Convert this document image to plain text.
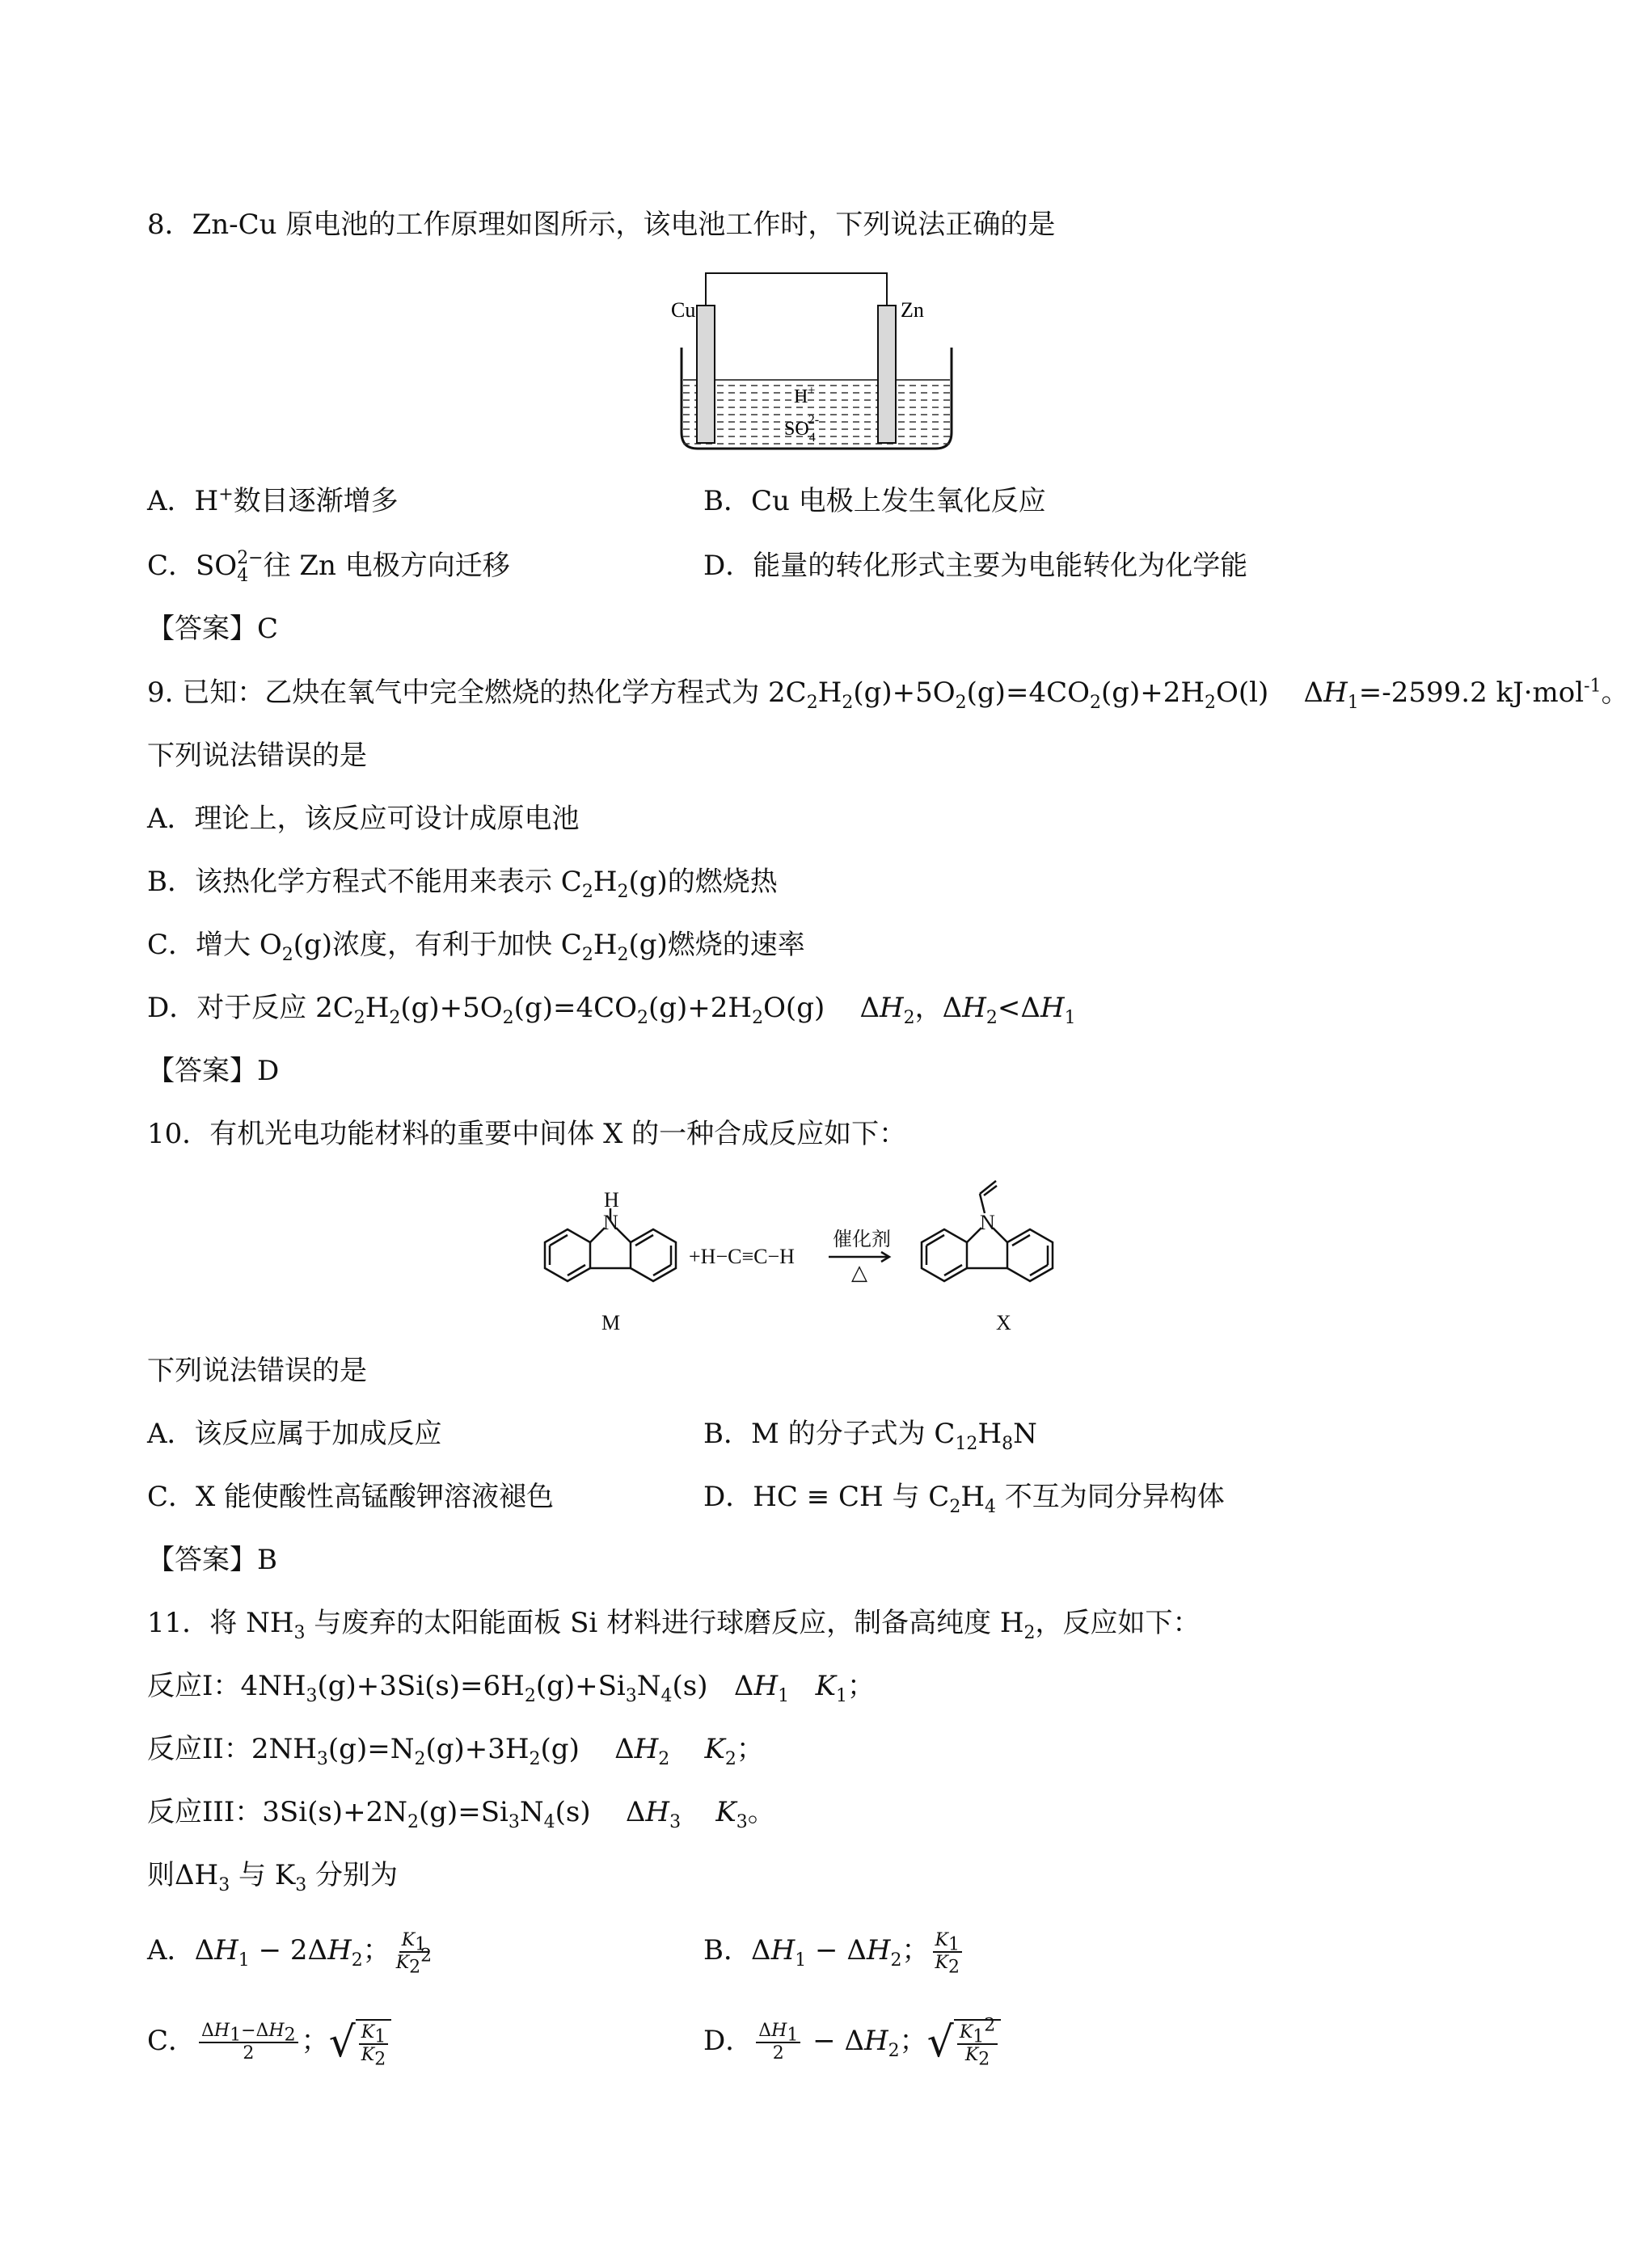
8．Zn-Cu 原电池的工作原理如图所示，该电池工作时，下列说法正确的是
Cu	Zn
H+
$SO_42-$
A．H+数目逐渐增多	B．Cu 电极上发生氧化反应
C．SO 2−
4 往 Zn 电极方向迁移	D．能量的转化形式主要为电能转化为化学能
【答案】C
9. 已知：乙炔在氧气中完全燃烧的热化学方程式为 $2C_2H_2(g)+5O_2(g)=4CO_2(g)+2H_2O(l)$    $\Delta H_1=-2599.2$ kJ·mol$^{-1}$。
下列说法错误的是
A．理论上，该反应可设计成原电池
B．该热化学方程式不能用来表示 $C_2H_2(g)$的燃烧热
C．增大 $O_2(g)$浓度，有利于加快 $C_2H_2(g)$燃烧的速率
D．对于反应 $2C_2H_2(g)+5O_2(g)=4CO_2(g)+2H_2O(g)$    $\Delta H_2$，$\Delta H_2<\Delta H_1$
【答案】D
10．有机光电功能材料的重要中间体 X 的一种合成反应如下：
H
N
+H−C≡C−H
催化剂
△
N
M	X
下列说法错误的是
A．该反应属于加成反应	B．M 的分子式为 $C_{12}H_8N$
C．X 能使酸性高锰酸钾溶液褪色	D．HC ≡ CH 与 $C_2H_4$ 不互为同分异构体
【答案】B
11．将 $NH_3$ 与废弃的太阳能面板 Si 材料进行球磨反应，制备高纯度 $H_2$，反应如下：
反应I：$4NH_3(g)+3Si(s)=6H_2(g)+Si_3N_4(s)$   $\Delta H_1$ $K_1$；
反应II：$2NH_3(g)=N_2(g)+3H_2(g)$    $\Delta H_2$ $K_2$；
反应III：$3Si(s)+2N_2(g)=Si_3N_4(s)$    $\Delta H_3$ $K_3$。
则$\Delta H_3$ 与 $K_3$ 分别为
A．$\Delta H_1 - 2\Delta H_2$； $\frac{K_1}{K_2^2}$	B．$\Delta H_1 - \Delta H_2$； $\frac{K_1}{K_2}$
C． $\frac{\Delta H_1-\Delta H_2}{2}$ ； √ $\frac{K_1}{K_2}$	D． $\frac{\Delta H_1}{2} - \Delta H_2$； √ $\frac{K_1^2}{K_2}$
